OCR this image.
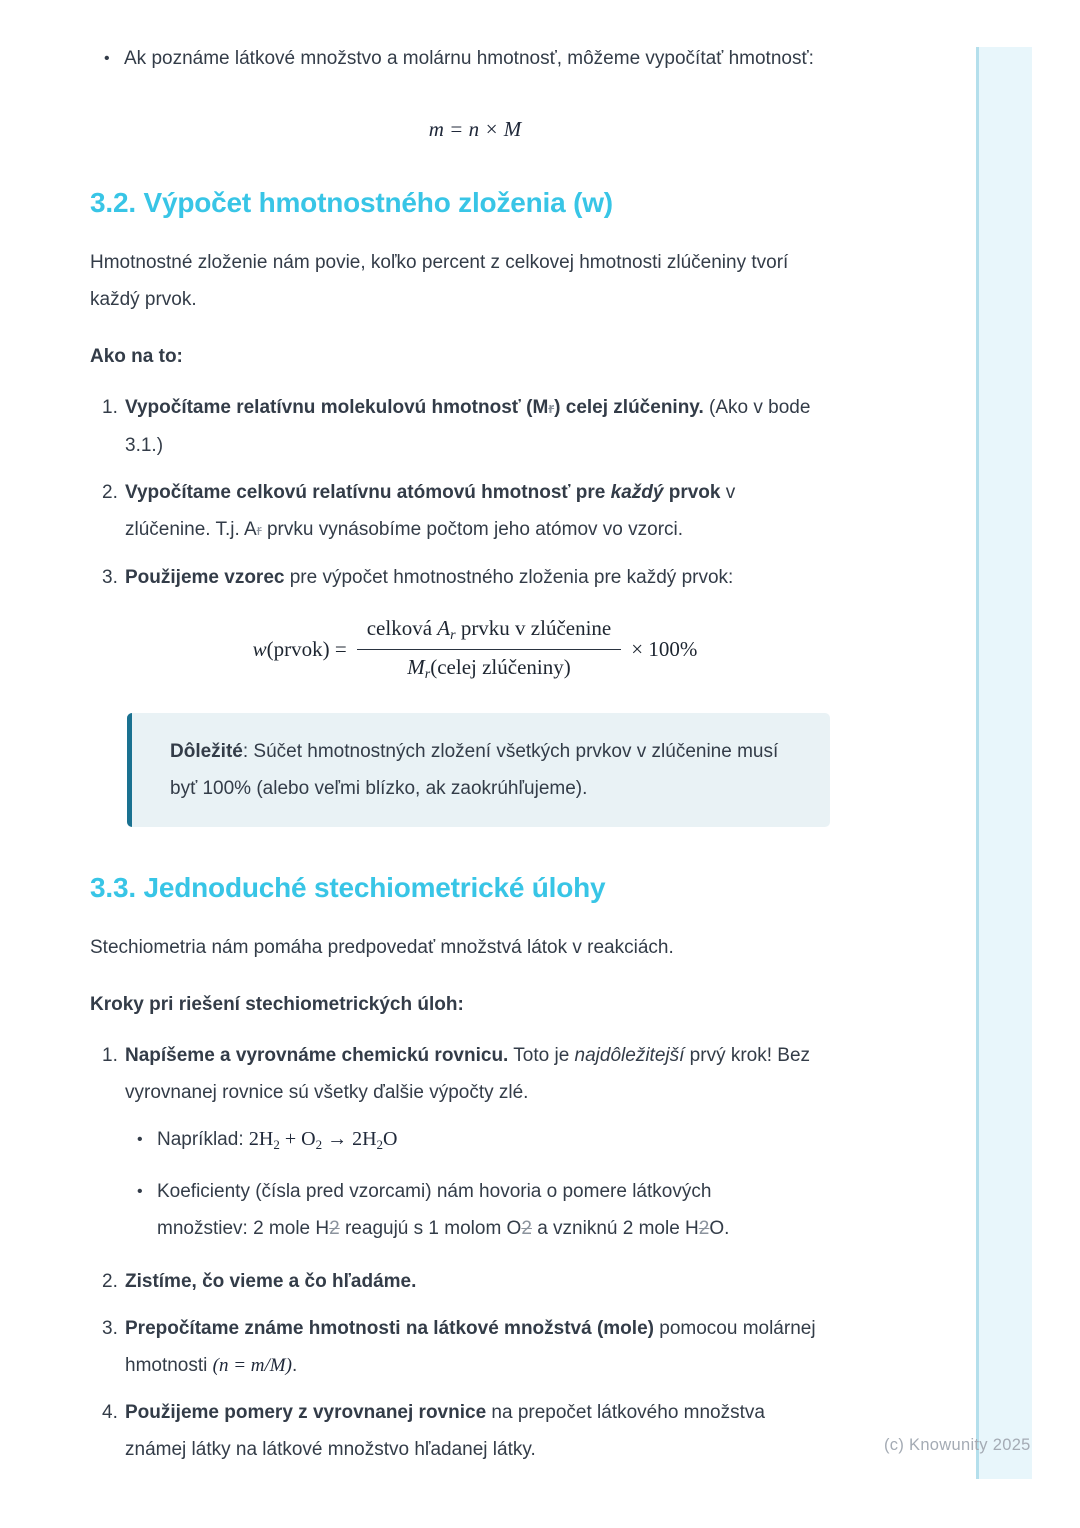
• Ak poznáme látkové množstvo a molárnu hmotnosť, môžeme vypočítať hmotnosť:
m = n × M
3.2. Výpočet hmotnostného zloženia (w)

Hmotnostné zloženie nám povie, koľko percent z celkovej hmotnosti zlúčeniny tvorí každý prvok.

Ako na to:

1. Vypočítame relatívnu molekulovú hmotnosť (Mr) celej zlúčeniny. (Ako v bode 3.1.)
2. Vypočítame celkovú relatívnu atómovú hmotnosť pre každý prvok v zlúčenine. T.j. Ar prvku vynásobíme počtom jeho atómov vo vzorci.
3. Použijeme vzorec pre výpočet hmotnostného zloženia pre každý prvok:
w(prvok) = $\frac{\text{celková Ar prvku v zlúčenine}}{\text{Mr(celej zlúčeniny)}} \times 100\%$
Dôležité: Súčet hmotnostných zložení všetkých prvkov v zlúčenine musí byť 100% (alebo veľmi blízko, ak zaokrúhľujeme).
3.3. Jednoduché stechiometrické úlohy

Stechiometria nám pomáha predpovedať množstvá látok v reakciách.

Kroky pri riešení stechiometrických úloh:

1. Napíšeme a vyrovnáme chemickú rovnicu. Toto je najdôležitejší prvý krok! Bez vyrovnanej rovnice sú všetky ďalšie výpočty zlé.
• Napríklad: $2H_2 + O_2 \to 2H_2O$
• Koeficienty (čísla pred vzorcami) nám hovoria o pomere látkových množstiev: 2 mole H2 reagujú s 1 molom O2 a vzniknú 2 mole H2O.
2. Zistíme, čo vieme a čo hľadáme.
3. Prepočítame známe hmotnosti na látkové množstvá (mole) pomocou molárnej hmotnosti (n = m/M).
4. Použijeme pomery z vyrovnanej rovnice na prepočet látkového množstva známej látky na látkové množstvo hľadanej látky.	(c) Knowunity 2025
